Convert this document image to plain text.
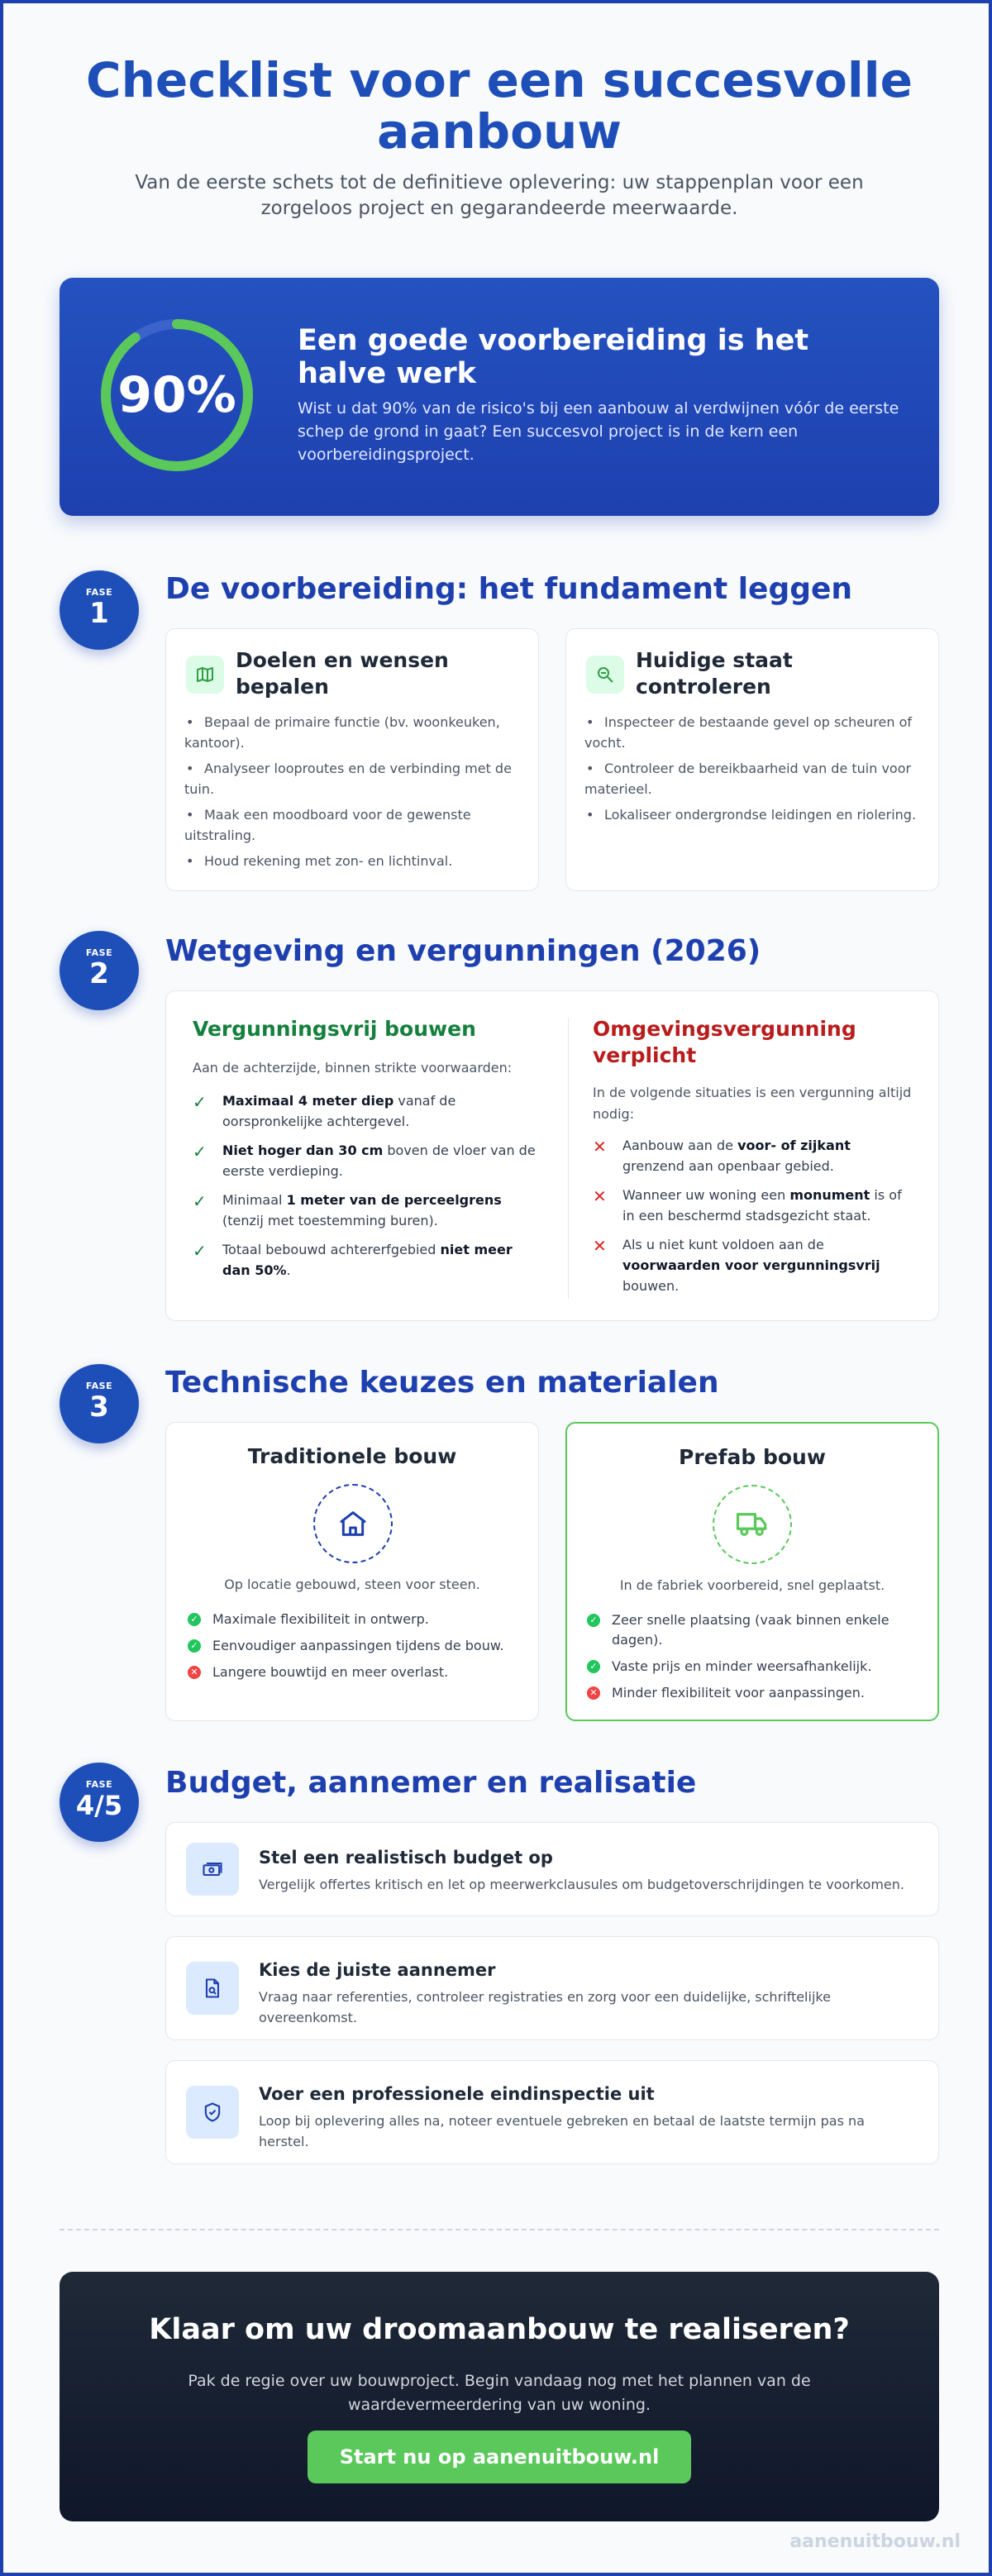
Checklist voor een succesvolle aanbouw

Van de eerste schets tot de definitieve oplevering: uw stappenplan voor een zorgeloos project en gegarandeerde meerwaarde.

90%
Een goede voorbereiding is het halve werk

Wist u dat 90% van de risico's bij een aanbouw al verdwijnen vóór de eerste schep de grond in gaat? Een succesvol project is in de kern een voorbereidingsproject.

FASE
1
De voorbereiding: het fundament leggen
Doelen en wensen bepalen
• Bepaal de primaire functie (bv. woonkeuken, kantoor).
• Analyseer looproutes en de verbinding met de tuin.
• Maak een moodboard voor de gewenste uitstraling.
• Houd rekening met zon- en lichtinval.
Huidige staat controleren
• Inspecteer de bestaande gevel op scheuren of vocht.
• Controleer de bereikbaarheid van de tuin voor materieel.
• Lokaliseer ondergrondse leidingen en riolering.
FASE
2
Wetgeving en vergunningen (2026)
Vergunningsvrij bouwen

Aan de achterzijde, binnen strikte voorwaarden:

✓ Maximaal 4 meter diep vanaf de oorspronkelijke achtergevel.
✓ Niet hoger dan 30 cm boven de vloer van de eerste verdieping.
✓ Minimaal 1 meter van de perceelgrens (tenzij met toestemming buren).
✓ Totaal bebouwd achtererfgebied niet meer dan 50%.
Omgevingsvergunning verplicht

In de volgende situaties is een vergunning altijd nodig:

✕ Aanbouw aan de voor- of zijkant grenzend aan openbaar gebied.
✕ Wanneer uw woning een monument is of in een beschermd stadsgezicht staat.
✕ Als u niet kunt voldoen aan de voorwaarden voor vergunningsvrij bouwen.
FASE
3
Technische keuzes en materialen
Traditionele bouw

Op locatie gebouwd, steen voor steen.

✓ Maximale flexibiliteit in ontwerp.
✓ Eenvoudiger aanpassingen tijdens de bouw.
✕ Langere bouwtijd en meer overlast.
Prefab bouw

In de fabriek voorbereid, snel geplaatst.

✓ Zeer snelle plaatsing (vaak binnen enkele dagen).
✓ Vaste prijs en minder weersafhankelijk.
✕ Minder flexibiliteit voor aanpassingen.
FASE
4/5
Budget, aannemer en realisatie
Stel een realistisch budget op
Vergelijk offertes kritisch en let op meerwerkclausules om budgetoverschrijdingen te voorkomen.
Kies de juiste aannemer
Vraag naar referenties, controleer registraties en zorg voor een duidelijke, schriftelijke overeenkomst.
Voer een professionele eindinspectie uit
Loop bij oplevering alles na, noteer eventuele gebreken en betaal de laatste termijn pas na herstel.
Klaar om uw droomaanbouw te realiseren?

Pak de regie over uw bouwproject. Begin vandaag nog met het plannen van de waardevermeerdering van uw woning.

Start nu op aanenuitbouw.nl
aanenuitbouw.nl
